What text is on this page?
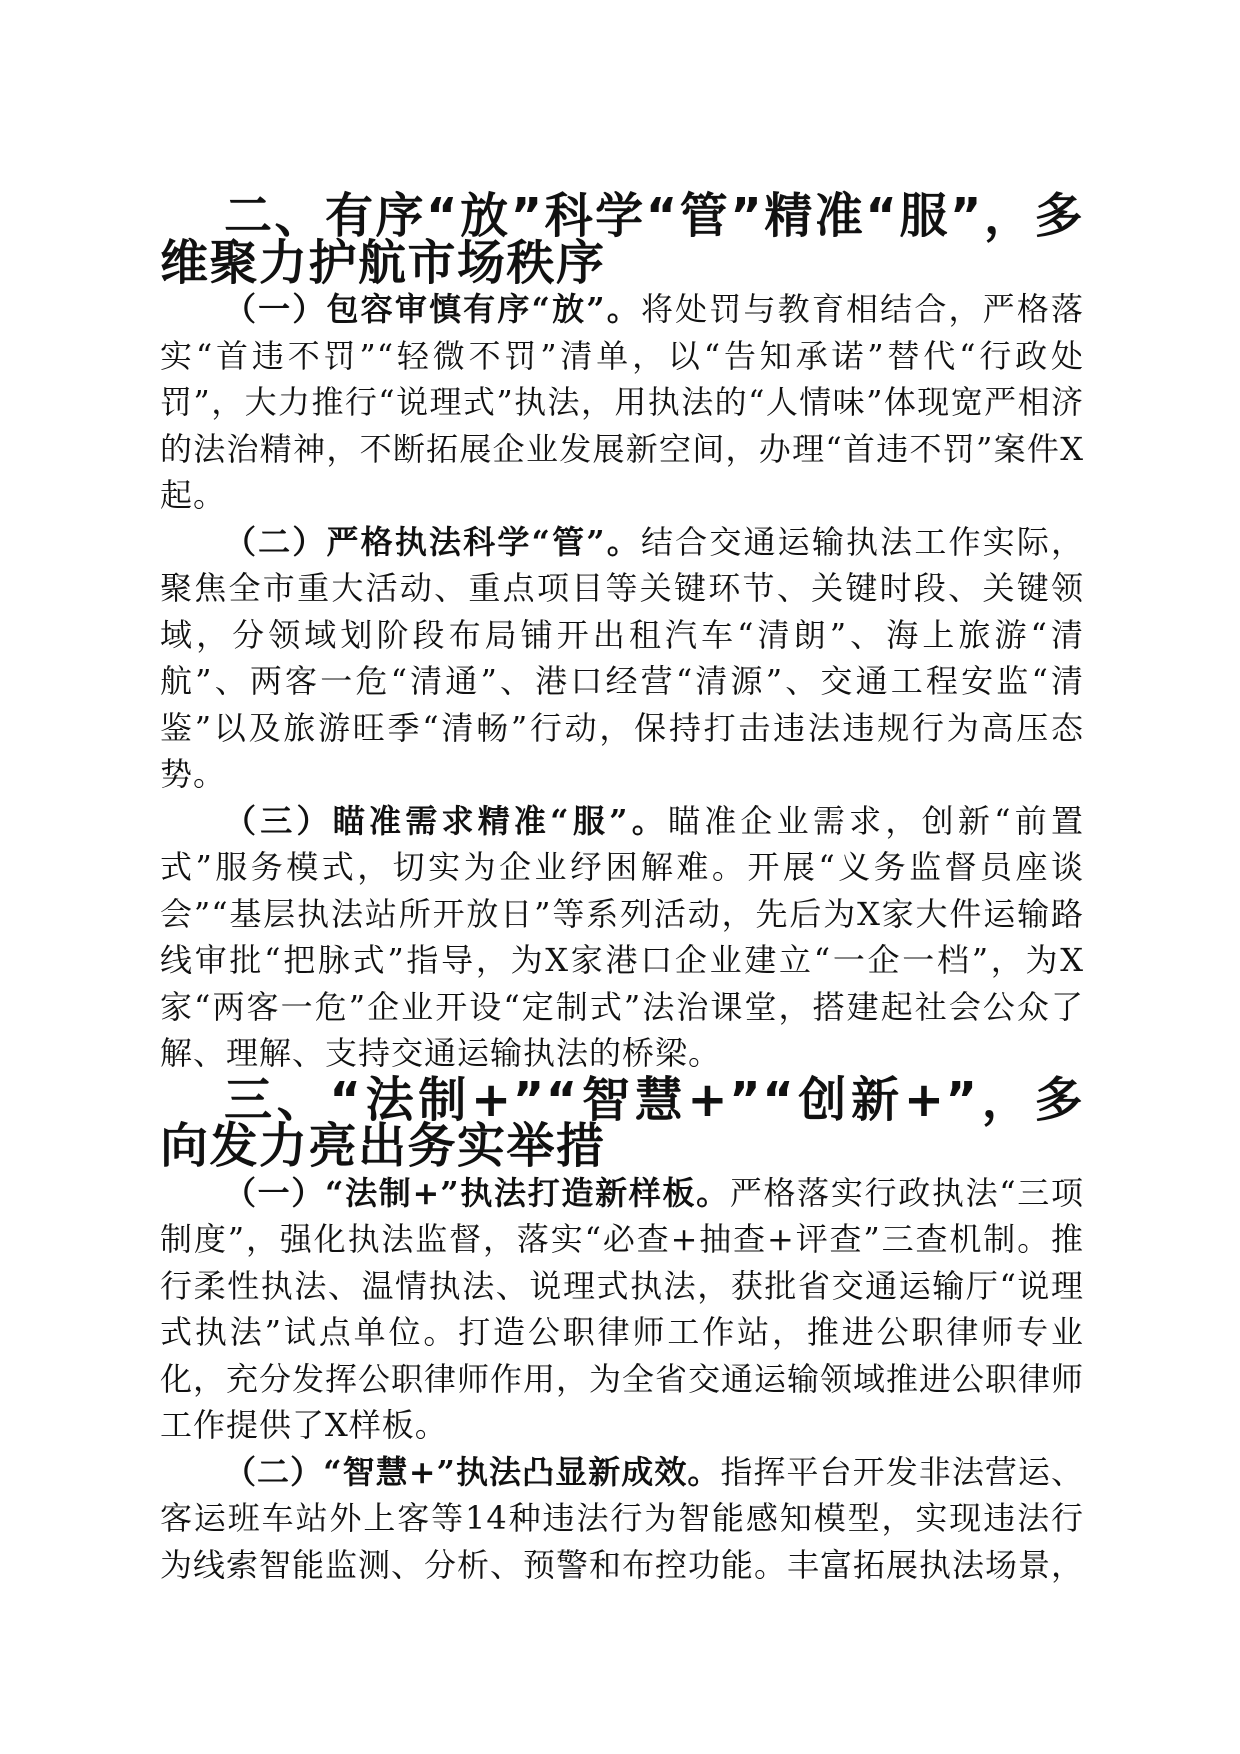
二、有序“放”科学“管”精准“服”，多维聚力护航市场秩序

（一）包容审慎有序“放”。将处罚与教育相结合，严格落实“首违不罚”“轻微不罚”清单，以“告知承诺”替代“行政处罚”，大力推行“说理式”执法，用执法的“人情味”体现宽严相济的法治精神，不断拓展企业发展新空间，办理“首违不罚”案件X起。

（二）严格执法科学“管”。结合交通运输执法工作实际，聚焦全市重大活动、重点项目等关键环节、关键时段、关键领域，分领域划阶段布局铺开出租汽车“清朗”、海上旅游“清航”、两客一危“清通”、港口经营“清源”、交通工程安监“清鉴”以及旅游旺季“清畅”行动，保持打击违法违规行为高压态势。

（三）瞄准需求精准“服”。瞄准企业需求，创新“前置式”服务模式，切实为企业纾困解难。开展“义务监督员座谈会”“基层执法站所开放日”等系列活动，先后为X家大件运输路线审批“把脉式”指导，为X家港口企业建立“一企一档”，为X家“两客一危”企业开设“定制式”法治课堂，搭建起社会公众了解、理解、支持交通运输执法的桥梁。

三、“法制+”“智慧+”“创新+”，多向发力亮出务实举措

（一）“法制+”执法打造新样板。严格落实行政执法“三项制度”，强化执法监督，落实“必查+抽查+评查”三查机制。推行柔性执法、温情执法、说理式执法，获批省交通运输厅“说理式执法”试点单位。打造公职律师工作站，推进公职律师专业化，充分发挥公职律师作用，为全省交通运输领域推进公职律师工作提供了X样板。

（二）“智慧+”执法凸显新成效。指挥平台开发非法营运、客运班车站外上客等14种违法行为智能感知模型，实现违法行为线索智能监测、分析、预警和布控功能。丰富拓展执法场景，
